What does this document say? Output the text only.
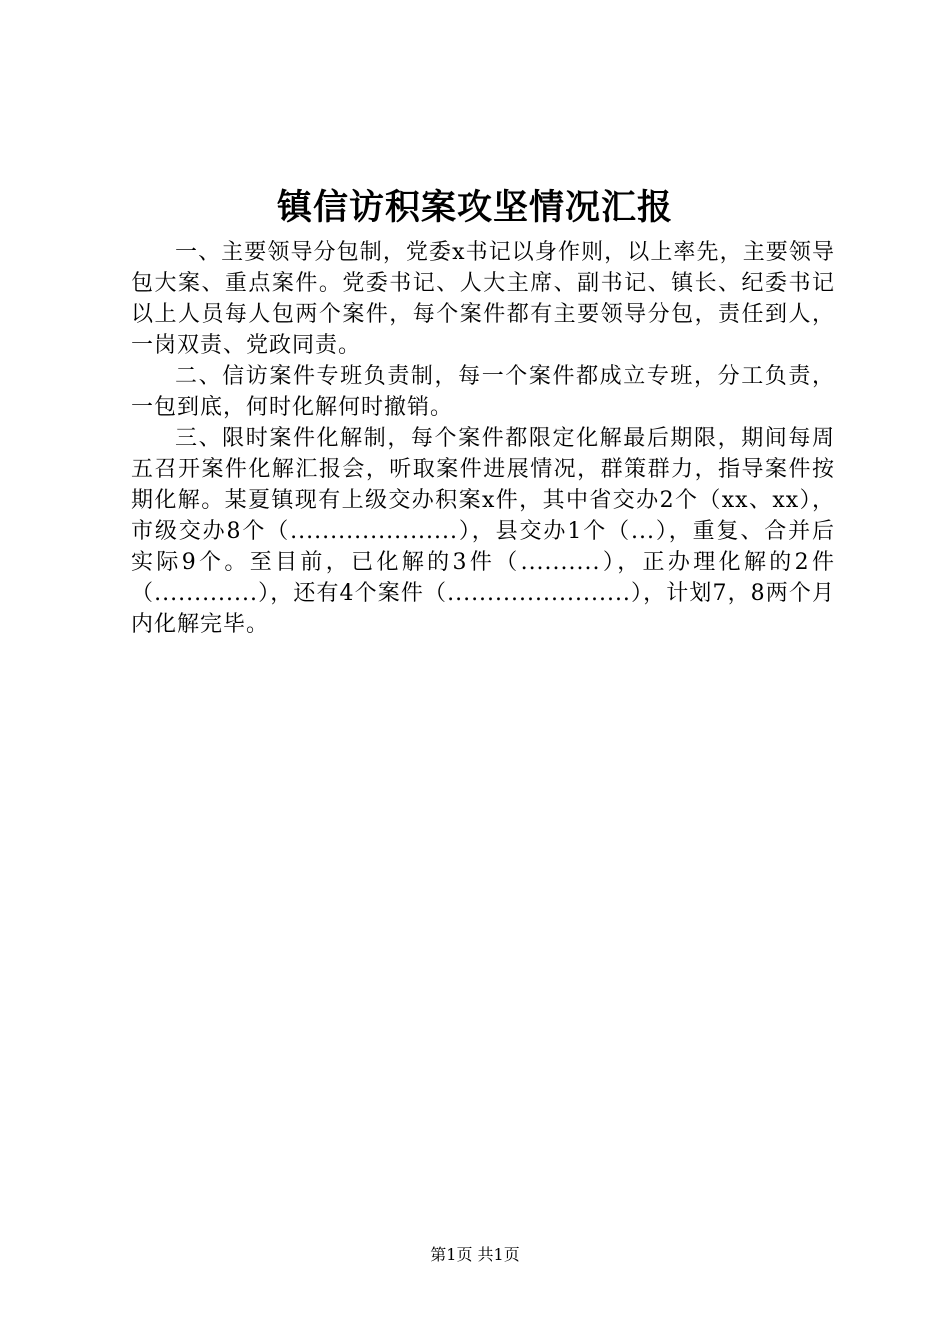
镇信访积案攻坚情况汇报

一、主要领导分包制，党委x书记以身作则，以上率先，主要领导包大案、重点案件。党委书记、人大主席、副书记、镇长、纪委书记以上人员每人包两个案件，每个案件都有主要领导分包，责任到人，一岗双责、党政同责。

二、信访案件专班负责制，每一个案件都成立专班，分工负责，一包到底，何时化解何时撤销。

三、限时案件化解制，每个案件都限定化解最后期限，期间每周五召开案件化解汇报会，听取案件进展情况，群策群力，指导案件按期化解。某夏镇现有上级交办积案x件，其中省交办2个（xx、xx），市级交办8个（.....................），县交办1个（...），重复、合并后实际9个。至目前，已化解的3件（..........），正办理化解的2件（.............），还有4个案件（.......................），计划7，8两个月内化解完毕。

第1页 共1页
